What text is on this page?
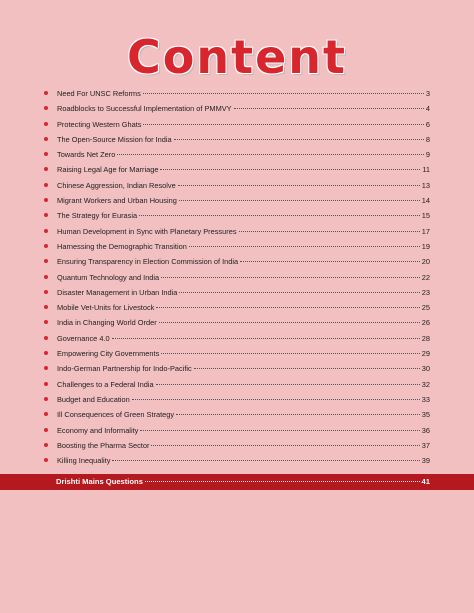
Content
Need For UNSC Reforms	3
Roadblocks to Successful Implementation of PMMVY	4
Protecting Western Ghats	6
The Open-Source Mission for India	8
Towards Net Zero	9
Raising Legal Age for Marriage	11
Chinese Aggression, Indian Resolve	13
Migrant Workers and Urban Housing	14
The Strategy for Eurasia	15
Human Development in Sync with Planetary Pressures	17
Harnessing the Demographic Transition	19
Ensuring Transparency in Election Commission of India	20
Quantum Technology and India	22
Disaster Management in Urban India	23
Mobile Vet-Units for Livestock	25
India in Changing World Order	26
Governance 4.0	28
Empowering City Governments	29
Indo-German Partnership for Indo-Pacific	30
Challenges to a Federal India	32
Budget and Education	33
Ill Consequences of Green Strategy	35
Economy and Informality	36
Boosting the Pharma Sector	37
Killing Inequality	39
Drishti Mains Questions	41
